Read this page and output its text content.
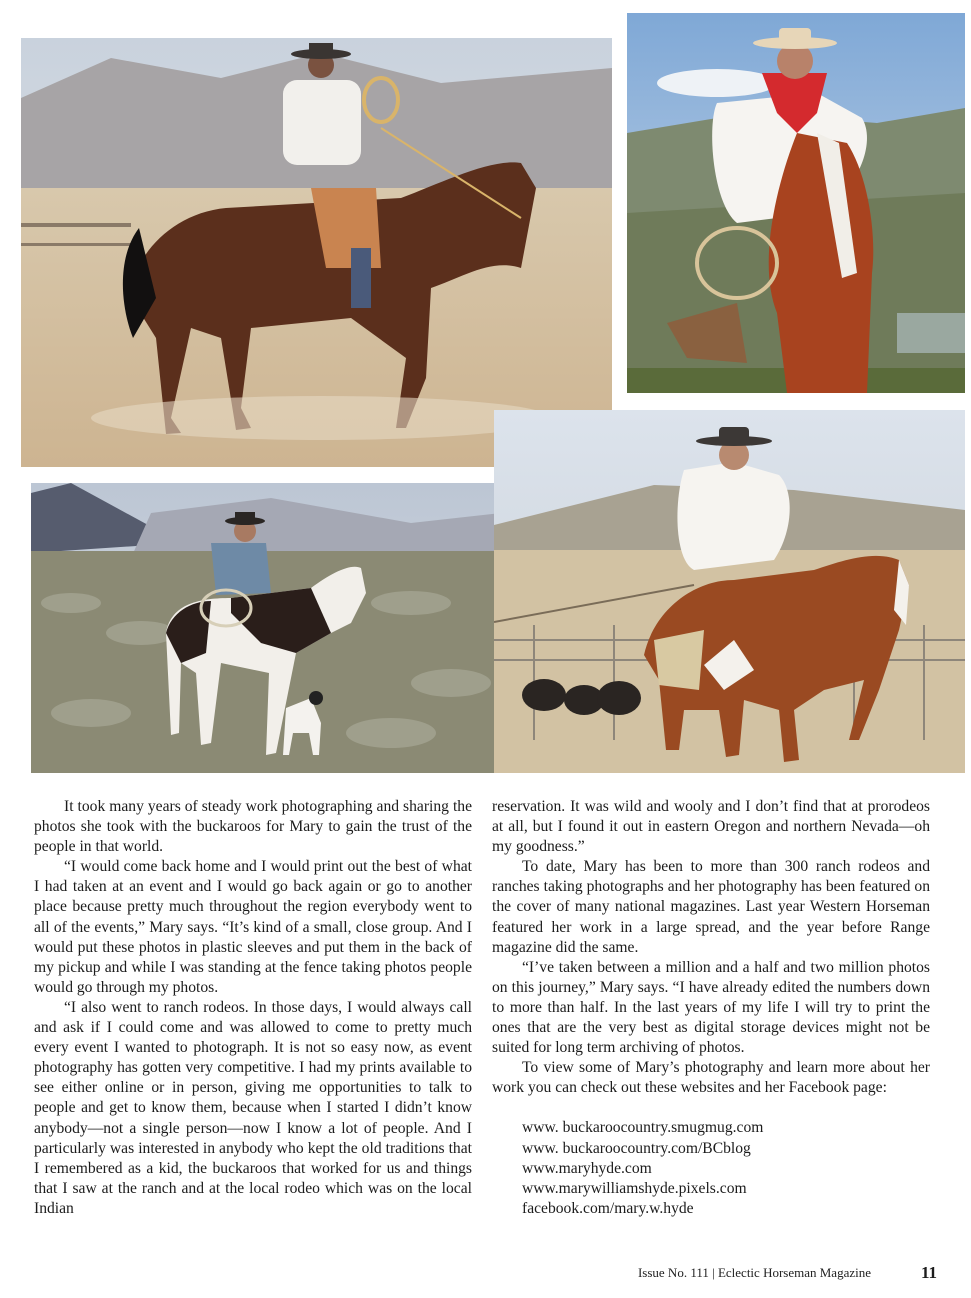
It took many years of steady work photographing and sharing the photos she took with the buckaroos for Mary to gain the trust of the people in that world.

“I would come back home and I would print out the best of what I had taken at an event and I would go back again or go to another place because pretty much throughout the region everybody went to all of the events,” Mary says. “It’s kind of a small, close group. And I would put these photos in plastic sleeves and put them in the back of my pickup and while I was standing at the fence taking photos people would go through my photos.

“I also went to ranch rodeos. In those days, I would always call and ask if I could come and was allowed to come to pretty much every event I wanted to photograph. It is not so easy now, as event photography has gotten very competitive. I had my prints available to see either online or in person, giving me opportunities to talk to people and get to know them, because when I started I didn’t know anybody—not a single person—now I know a lot of people. And I particularly was interested in anybody who kept the old traditions that I remembered as a kid, the buckaroos that worked for us and things that I saw at the ranch and at the local rodeo which was on the local Indian

reservation. It was wild and wooly and I don’t find that at prorodeos at all, but I found it out in eastern Oregon and northern Nevada—oh my goodness.”

To date, Mary has been to more than 300 ranch rodeos and ranches taking photographs and her photography has been featured on the cover of many national magazines. Last year Western Horseman featured her work in a large spread, and the year before Range magazine did the same.

“I’ve taken between a million and a half and two million photos on this journey,” Mary says. “I have already edited the numbers down to more than half. In the last years of my life I will try to print the ones that are the very best as digital storage devices might not be suited for long term archiving of photos.

To view some of Mary’s photography and learn more about her work you can check out these websites and her Facebook page:

www. buckaroocountry.smugmug.com
www. buckaroocountry.com/BCblog
www.maryhyde.com
www.marywilliamshyde.pixels.com
facebook.com/mary.w.hyde
Issue No. 111 | Eclectic Horseman Magazine	11
